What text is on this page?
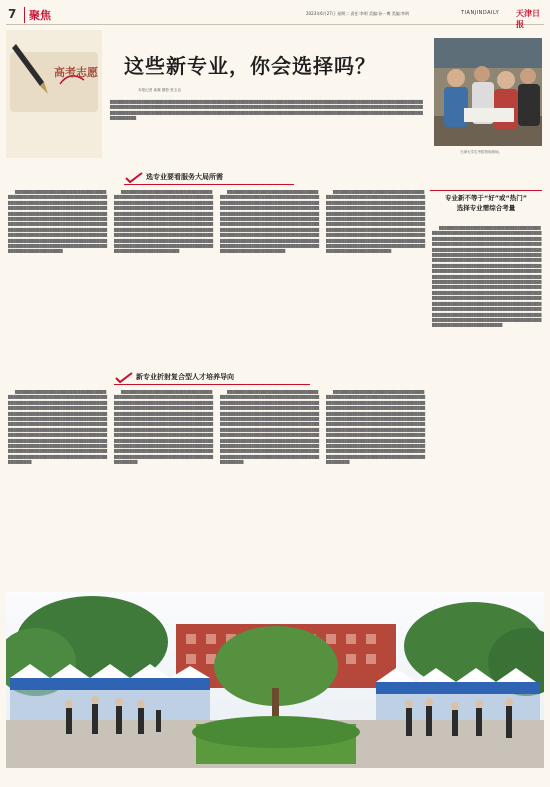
7	聚焦	2023年6月27日 星期二 责任:李明 美编:孙一博 美编:李明	TIANJINDAILY 天津日报
高考志愿 这些新专业，你会选择吗？
本报记者 姜凝 摄影 张玉良
天津大学生考招咨询现场。

██████████████████████████████████████████████████████████████████████████████████████████████████████████████████████████████████████████████████████████████████████████████████████████████████████████████████████████████████████████████████████████████████████████████████████████████████████████████████████████████████████████████████████████████████████████████████

选专业要看服务大局所需
专业新不等于“好”或“热门”
选择专业需综合考量

████████████████████████████████████████████████████████████████████████████████████████████████████████████████████████████████████████████████████████████████████████████████████████████████████████████████████████████████████████████████████████████████████████████████████████████████████████████████████████████████████████████████████████████████████████████████████████████████████████████████████████████████████████████████████

████████████████████████████████████████████████████████████████████████████████████████████████████████████████████████████████████████████████████████████████████████████████████████████████████████████████████████████████████████████████████████████████████████████████████████████████████████████████████████████████████████████████████████████████████████████████████████████████████████████████████████████████████████████████████████

████████████████████████████████████████████████████████████████████████████████████████████████████████████████████████████████████████████████████████████████████████████████████████████████████████████████████████████████████████████████████████████████████████████████████████████████████████████████████████████████████████████████████████████████████████████████████████████████████████████████████████████████████████████████████████

████████████████████████████████████████████████████████████████████████████████████████████████████████████████████████████████████████████████████████████████████████████████████████████████████████████████████████████████████████████████████████████████████████████████████████████████████████████████████████████████████████████████████████████████████████████████████████████████████████████████████████████████████████████████████████

新专业折射复合型人才培养导向

████████████████████████████████████████████████████████████████████████████████████████████████████████████████████████████████████████████████████████████████████████████████████████████████████████████████████████████████████████████████████████████████████████████████████████████████████████████████████████████████████████████████████████████████████████████████████████████████████████████████████████████████████████████████████████████████████████████████████████████████████████████████████

████████████████████████████████████████████████████████████████████████████████████████████████████████████████████████████████████████████████████████████████████████████████████████████████████████████████████████████████████████████████████████████████████████████████████████████████████████████████████████████████████████████████████████████████████████████████████████████████████████████████████████████████████████████████████████████████████████████████████████████████████████████████████

████████████████████████████████████████████████████████████████████████████████████████████████████████████████████████████████████████████████████████████████████████████████████████████████████████████████████████████████████████████████████████████████████████████████████████████████████████████████████████████████████████████████████████████████████████████████████████████████████████████████████████████████████████████████████████████████████████████████████████████████████████████████████

████████████████████████████████████████████████████████████████████████████████████████████████████████████████████████████████████████████████████████████████████████████████████████████████████████████████████████████████████████████████████████████████████████████████████████████████████████████████████████████████████████████████████████████████████████████████████████████████████████████████████████████████████████████████████████████████████████████████████████████████████████████████████

████████████████████████████████████████████████████████████████████████████████████████████████████████████████████████████████████████████████████████████████████████████████████████████████████████████████████████████████████████████████████████████████████████████████████████████████████████████████████████████████████████████████████████████████████████████████████████████████████████████████████████████████████████████████████████████████████████████████████████████████████████████████████████████████████████████████████████████████████████████████████████████████████████████████████████████████████████████████████████████████████████████████████████████████████████████████████████████████████████████████████████████████████████████████████████████████████████████
